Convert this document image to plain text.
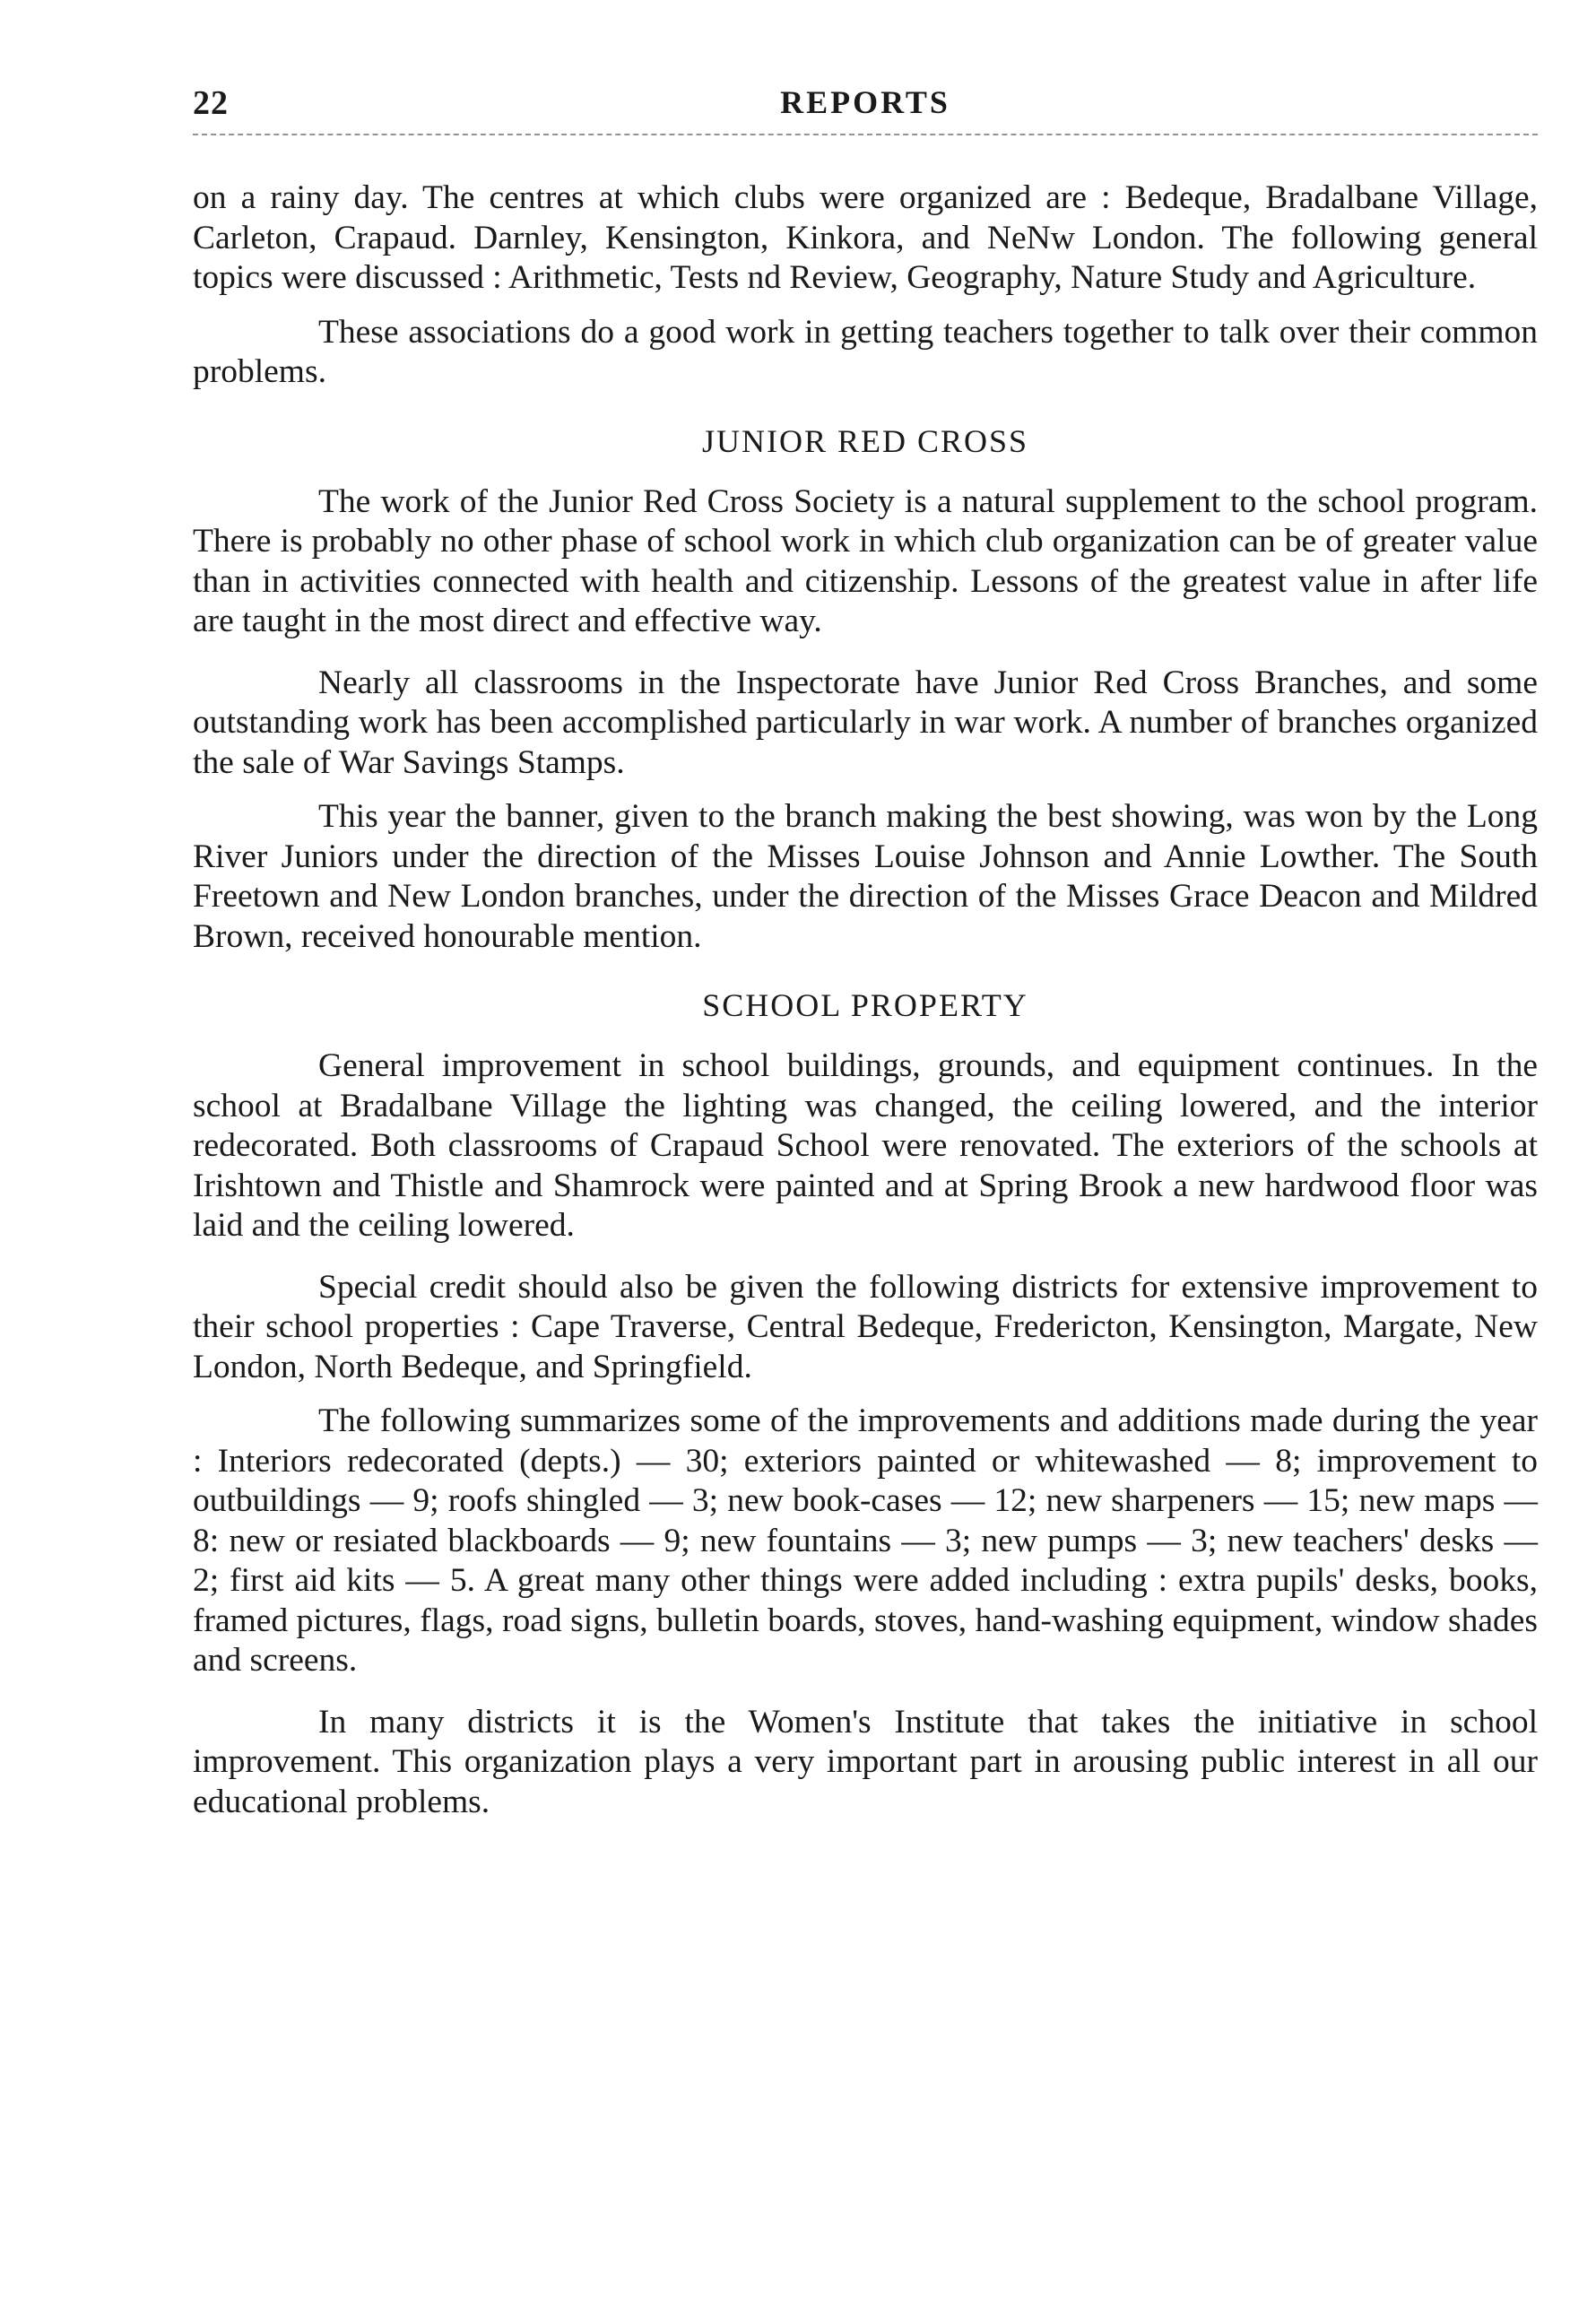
22	REPORTS

on a rainy day. The centres at which clubs were organized are : Bedeque, Bradalbane Village, Carleton, Crapaud. Darnley, Kensington, Kinkora, and NeNw London. The following general topics were discussed : Arithmetic, Tests nd Review, Geography, Nature Study and Agriculture.

These associations do a good work in getting teachers together to talk over their common problems.

JUNIOR RED CROSS

The work of the Junior Red Cross Society is a natural supplement to the school program. There is probably no other phase of school work in which club organization can be of greater value than in activities connected with health and citizenship. Lessons of the greatest value in after life are taught in the most direct and effective way.

Nearly all classrooms in the Inspectorate have Junior Red Cross Branches, and some outstanding work has been accomplished particularly in war work. A number of branches organized the sale of War Savings Stamps.

This year the banner, given to the branch making the best showing, was won by the Long River Juniors under the direction of the Misses Louise Johnson and Annie Lowther. The South Freetown and New London branches, under the direction of the Misses Grace Deacon and Mildred Brown, received honourable mention.

SCHOOL PROPERTY

General improvement in school buildings, grounds, and equipment continues. In the school at Bradalbane Village the lighting was changed, the ceiling lowered, and the interior redecorated. Both classrooms of Crapaud School were renovated. The exteriors of the schools at Irishtown and Thistle and Shamrock were painted and at Spring Brook a new hardwood floor was laid and the ceiling lowered.

Special credit should also be given the following districts for extensive improvement to their school properties : Cape Traverse, Central Bedeque, Fredericton, Kensington, Margate, New London, North Bedeque, and Springfield.

The following summarizes some of the improvements and additions made during the year : Interiors redecorated (depts.) — 30; exteriors painted or whitewashed — 8; improvement to outbuildings — 9; roofs shingled — 3; new book-cases — 12; new sharpeners — 15; new maps — 8: new or resiated blackboards — 9; new fountains — 3; new pumps — 3; new teachers' desks — 2; first aid kits — 5. A great many other things were added including : extra pupils' desks, books, framed pictures, flags, road signs, bulletin boards, stoves, hand-washing equipment, window shades and screens.

In many districts it is the Women's Institute that takes the initiative in school improvement. This organization plays a very important part in arousing public interest in all our educational problems.
